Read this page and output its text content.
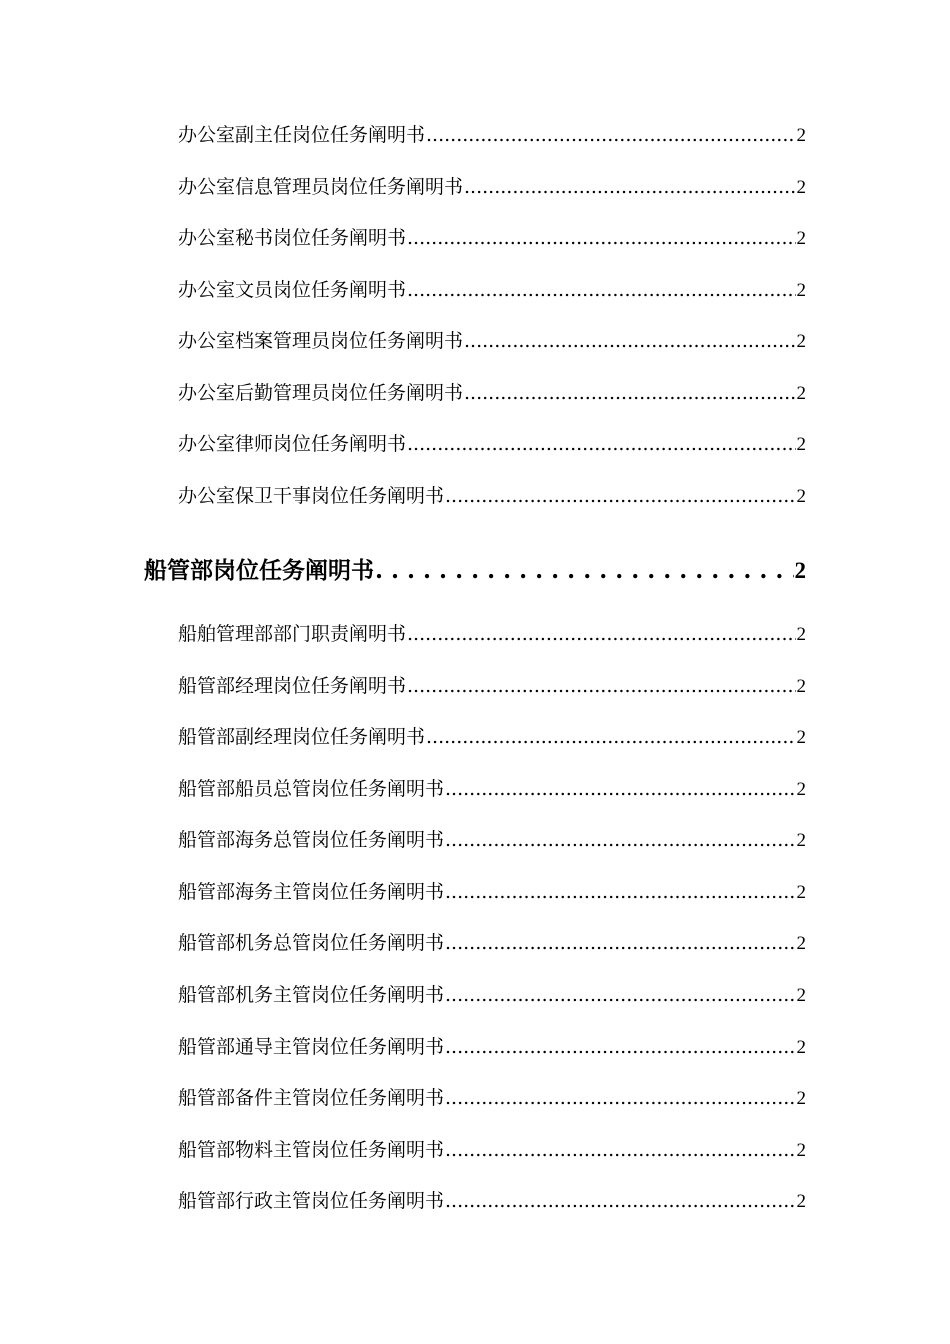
办公室副主任岗位任务阐明书 .....	2
办公室信息管理员岗位任务阐明书 .....	2
办公室秘书岗位任务阐明书 .....	2
办公室文员岗位任务阐明书 .....	2
办公室档案管理员岗位任务阐明书 .....	2
办公室后勤管理员岗位任务阐明书 .....	2
办公室律师岗位任务阐明书 .....	2
办公室保卫干事岗位任务阐明书 .....	2
船管部岗位任务阐明书 . . .	2
船舶管理部部门职责阐明书 .....	2
船管部经理岗位任务阐明书 .....	2
船管部副经理岗位任务阐明书 .....	2
船管部船员总管岗位任务阐明书 .....	2
船管部海务总管岗位任务阐明书 .....	2
船管部海务主管岗位任务阐明书 .....	2
船管部机务总管岗位任务阐明书 .....	2
船管部机务主管岗位任务阐明书 .....	2
船管部通导主管岗位任务阐明书 .....	2
船管部备件主管岗位任务阐明书 .....	2
船管部物料主管岗位任务阐明书 .....	2
船管部行政主管岗位任务阐明书 .....	2
